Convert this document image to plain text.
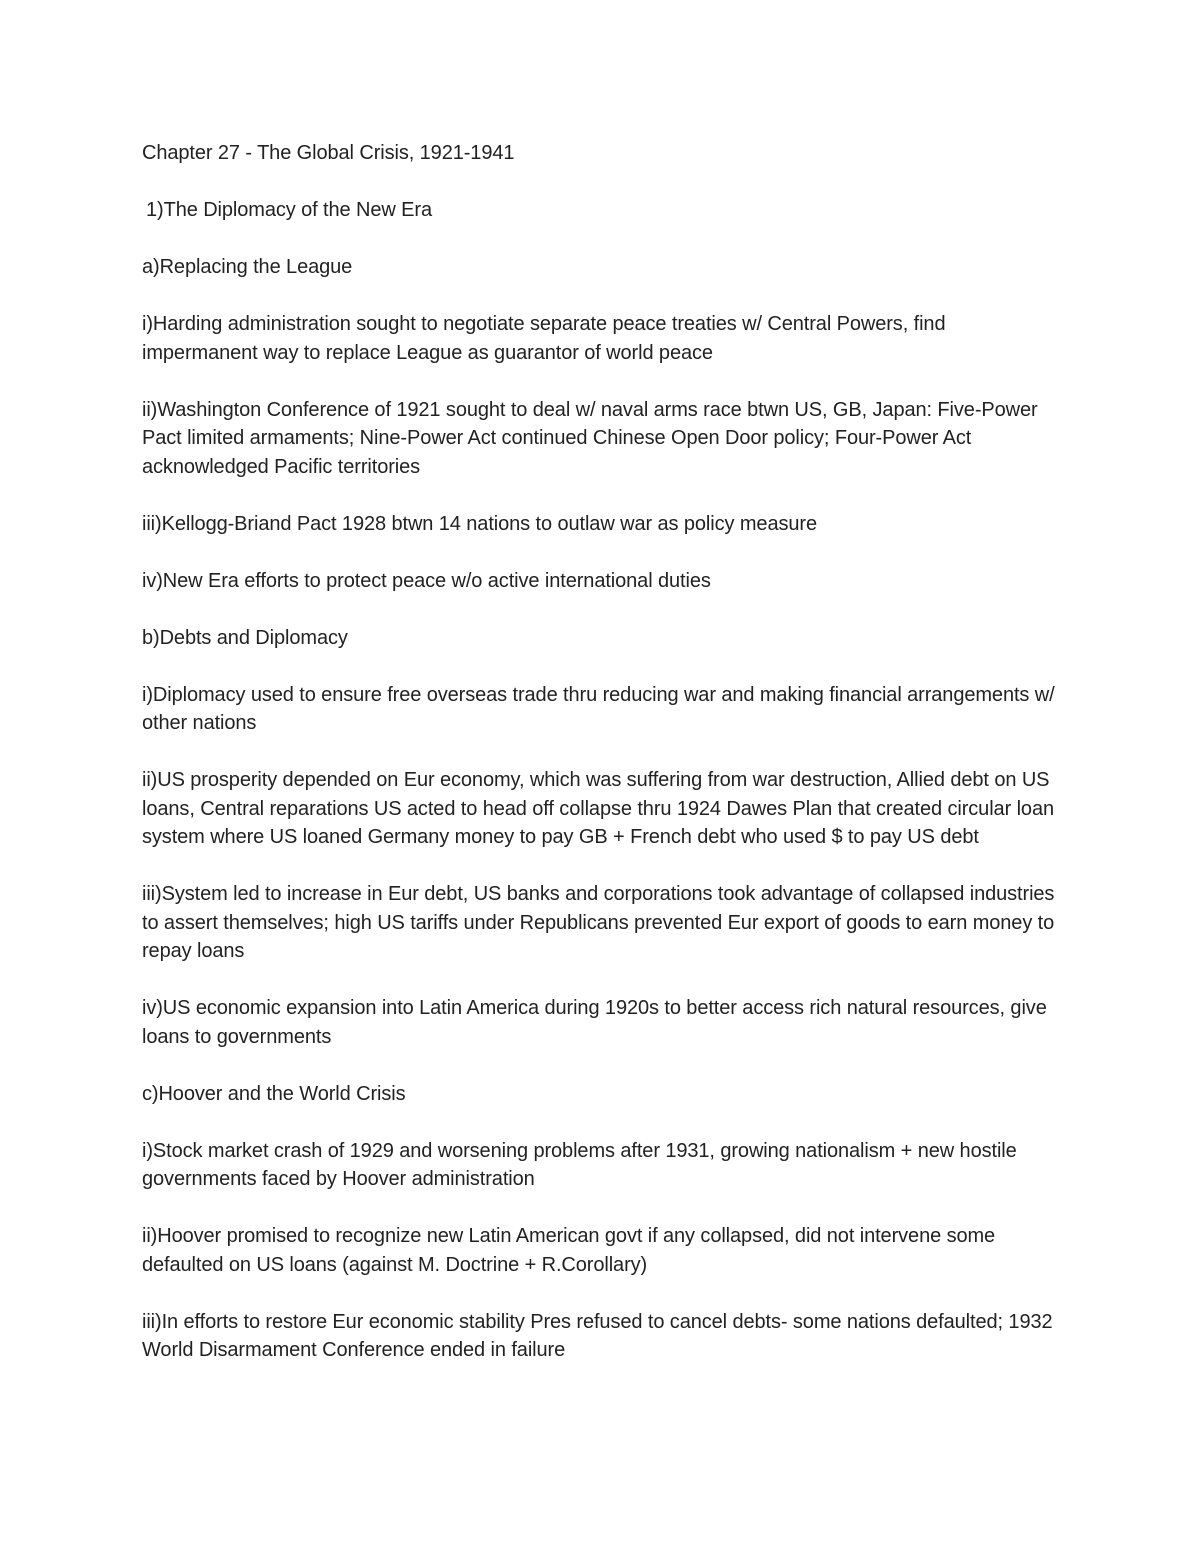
Chapter 27 - The Global Crisis, 1921-1941

1)The Diplomacy of the New Era

a)Replacing the League

i)Harding administration sought to negotiate separate peace treaties w/ Central Powers, find impermanent way to replace League as guarantor of world peace

ii)Washington Conference of 1921 sought to deal w/ naval arms race btwn US, GB, Japan: Five-Power Pact limited armaments; Nine-Power Act continued Chinese Open Door policy; Four-Power Act acknowledged Pacific territories

iii)Kellogg-Briand Pact 1928 btwn 14 nations to outlaw war as policy measure

iv)New Era efforts to protect peace w/o active international duties

b)Debts and Diplomacy

i)Diplomacy used to ensure free overseas trade thru reducing war and making financial arrangements w/ other nations

ii)US prosperity depended on Eur economy, which was suffering from war destruction, Allied debt on US loans, Central reparations US acted to head off collapse thru 1924 Dawes Plan that created circular loan system where US loaned Germany money to pay GB + French debt who used $ to pay US debt

iii)System led to increase in Eur debt, US banks and corporations took advantage of collapsed industries to assert themselves; high US tariffs under Republicans prevented Eur export of goods to earn money to repay loans

iv)US economic expansion into Latin America during 1920s to better access rich natural resources, give loans to governments

c)Hoover and the World Crisis

i)Stock market crash of 1929 and worsening problems after 1931, growing nationalism + new hostile governments faced by Hoover administration

ii)Hoover promised to recognize new Latin American govt if any collapsed, did not intervene some defaulted on US loans (against M. Doctrine + R.Corollary)

iii)In efforts to restore Eur economic stability Pres refused to cancel debts- some nations defaulted; 1932 World Disarmament Conference ended in failure
